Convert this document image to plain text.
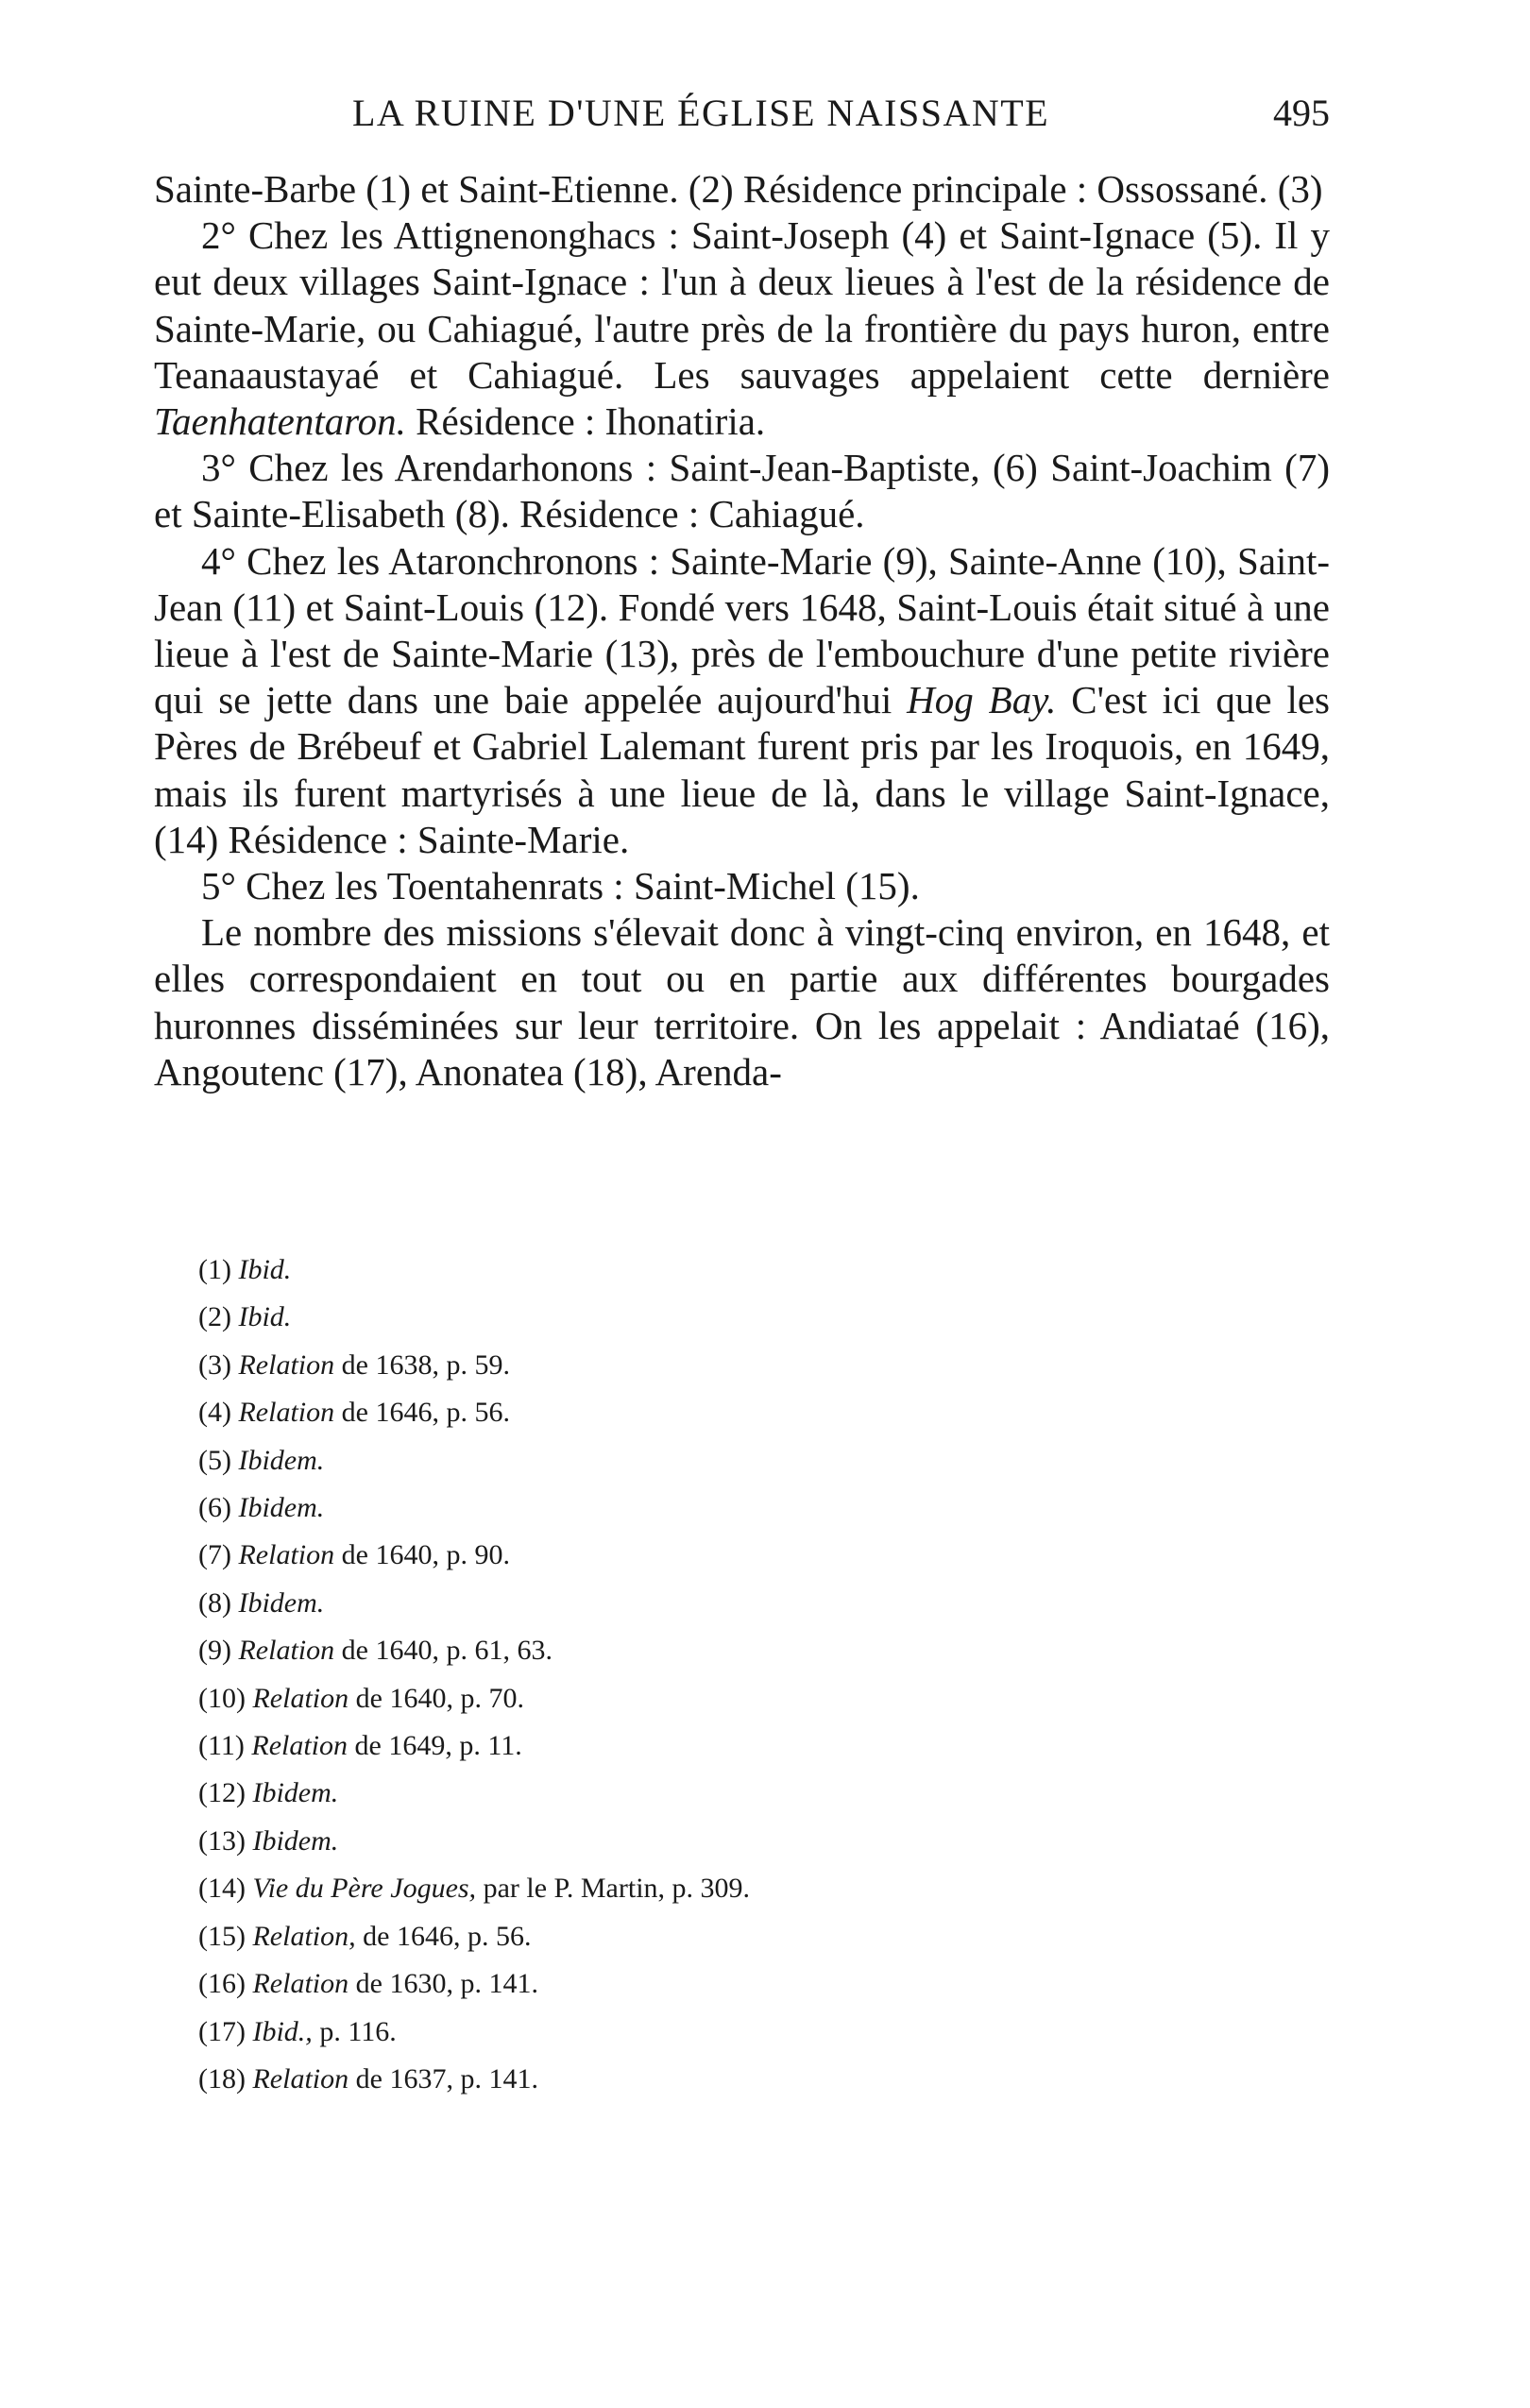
LA RUINE D'UNE ÉGLISE NAISSANTE	495

Sainte-Barbe (1) et Saint-Etienne. (2) Résidence principale : Ossossané. (3)

2° Chez les Attignenonghacs : Saint-Joseph (4) et Saint-Ignace (5). Il y eut deux villages Saint-Ignace : l'un à deux lieues à l'est de la résidence de Sainte-Marie, ou Cahiagué, l'autre près de la frontière du pays huron, entre Teanaaustayaé et Cahiagué. Les sauvages appelaient cette dernière Taenhatentaron. Résidence : Ihonatiria.

3° Chez les Arendarhonons : Saint-Jean-Baptiste, (6) Saint-Joachim (7) et Sainte-Elisabeth (8). Résidence : Cahiagué.

4° Chez les Ataronchronons : Sainte-Marie (9), Sainte-Anne (10), Saint-Jean (11) et Saint-Louis (12). Fondé vers 1648, Saint-Louis était situé à une lieue à l'est de Sainte-Marie (13), près de l'embouchure d'une petite rivière qui se jette dans une baie appelée aujourd'hui Hog Bay. C'est ici que les Pères de Brébeuf et Gabriel Lalemant furent pris par les Iroquois, en 1649, mais ils furent martyrisés à une lieue de là, dans le village Saint-Ignace, (14) Résidence : Sainte-Marie.

5° Chez les Toentahenrats : Saint-Michel (15).

Le nombre des missions s'élevait donc à vingt-cinq environ, en 1648, et elles correspondaient en tout ou en partie aux différentes bourgades huronnes disséminées sur leur territoire. On les appelait : Andiataé (16), Angoutenc (17), Anonatea (18), Arenda-

(1) Ibid.
(2) Ibid.
(3) Relation de 1638, p. 59.
(4) Relation de 1646, p. 56.
(5) Ibidem.
(6) Ibidem.
(7) Relation de 1640, p. 90.
(8) Ibidem.
(9) Relation de 1640, p. 61, 63.
(10) Relation de 1640, p. 70.
(11) Relation de 1649, p. 11.
(12) Ibidem.
(13) Ibidem.
(14) Vie du Père Jogues, par le P. Martin, p. 309.
(15) Relation, de 1646, p. 56.
(16) Relation de 1630, p. 141.
(17) Ibid., p. 116.
(18) Relation de 1637, p. 141.
